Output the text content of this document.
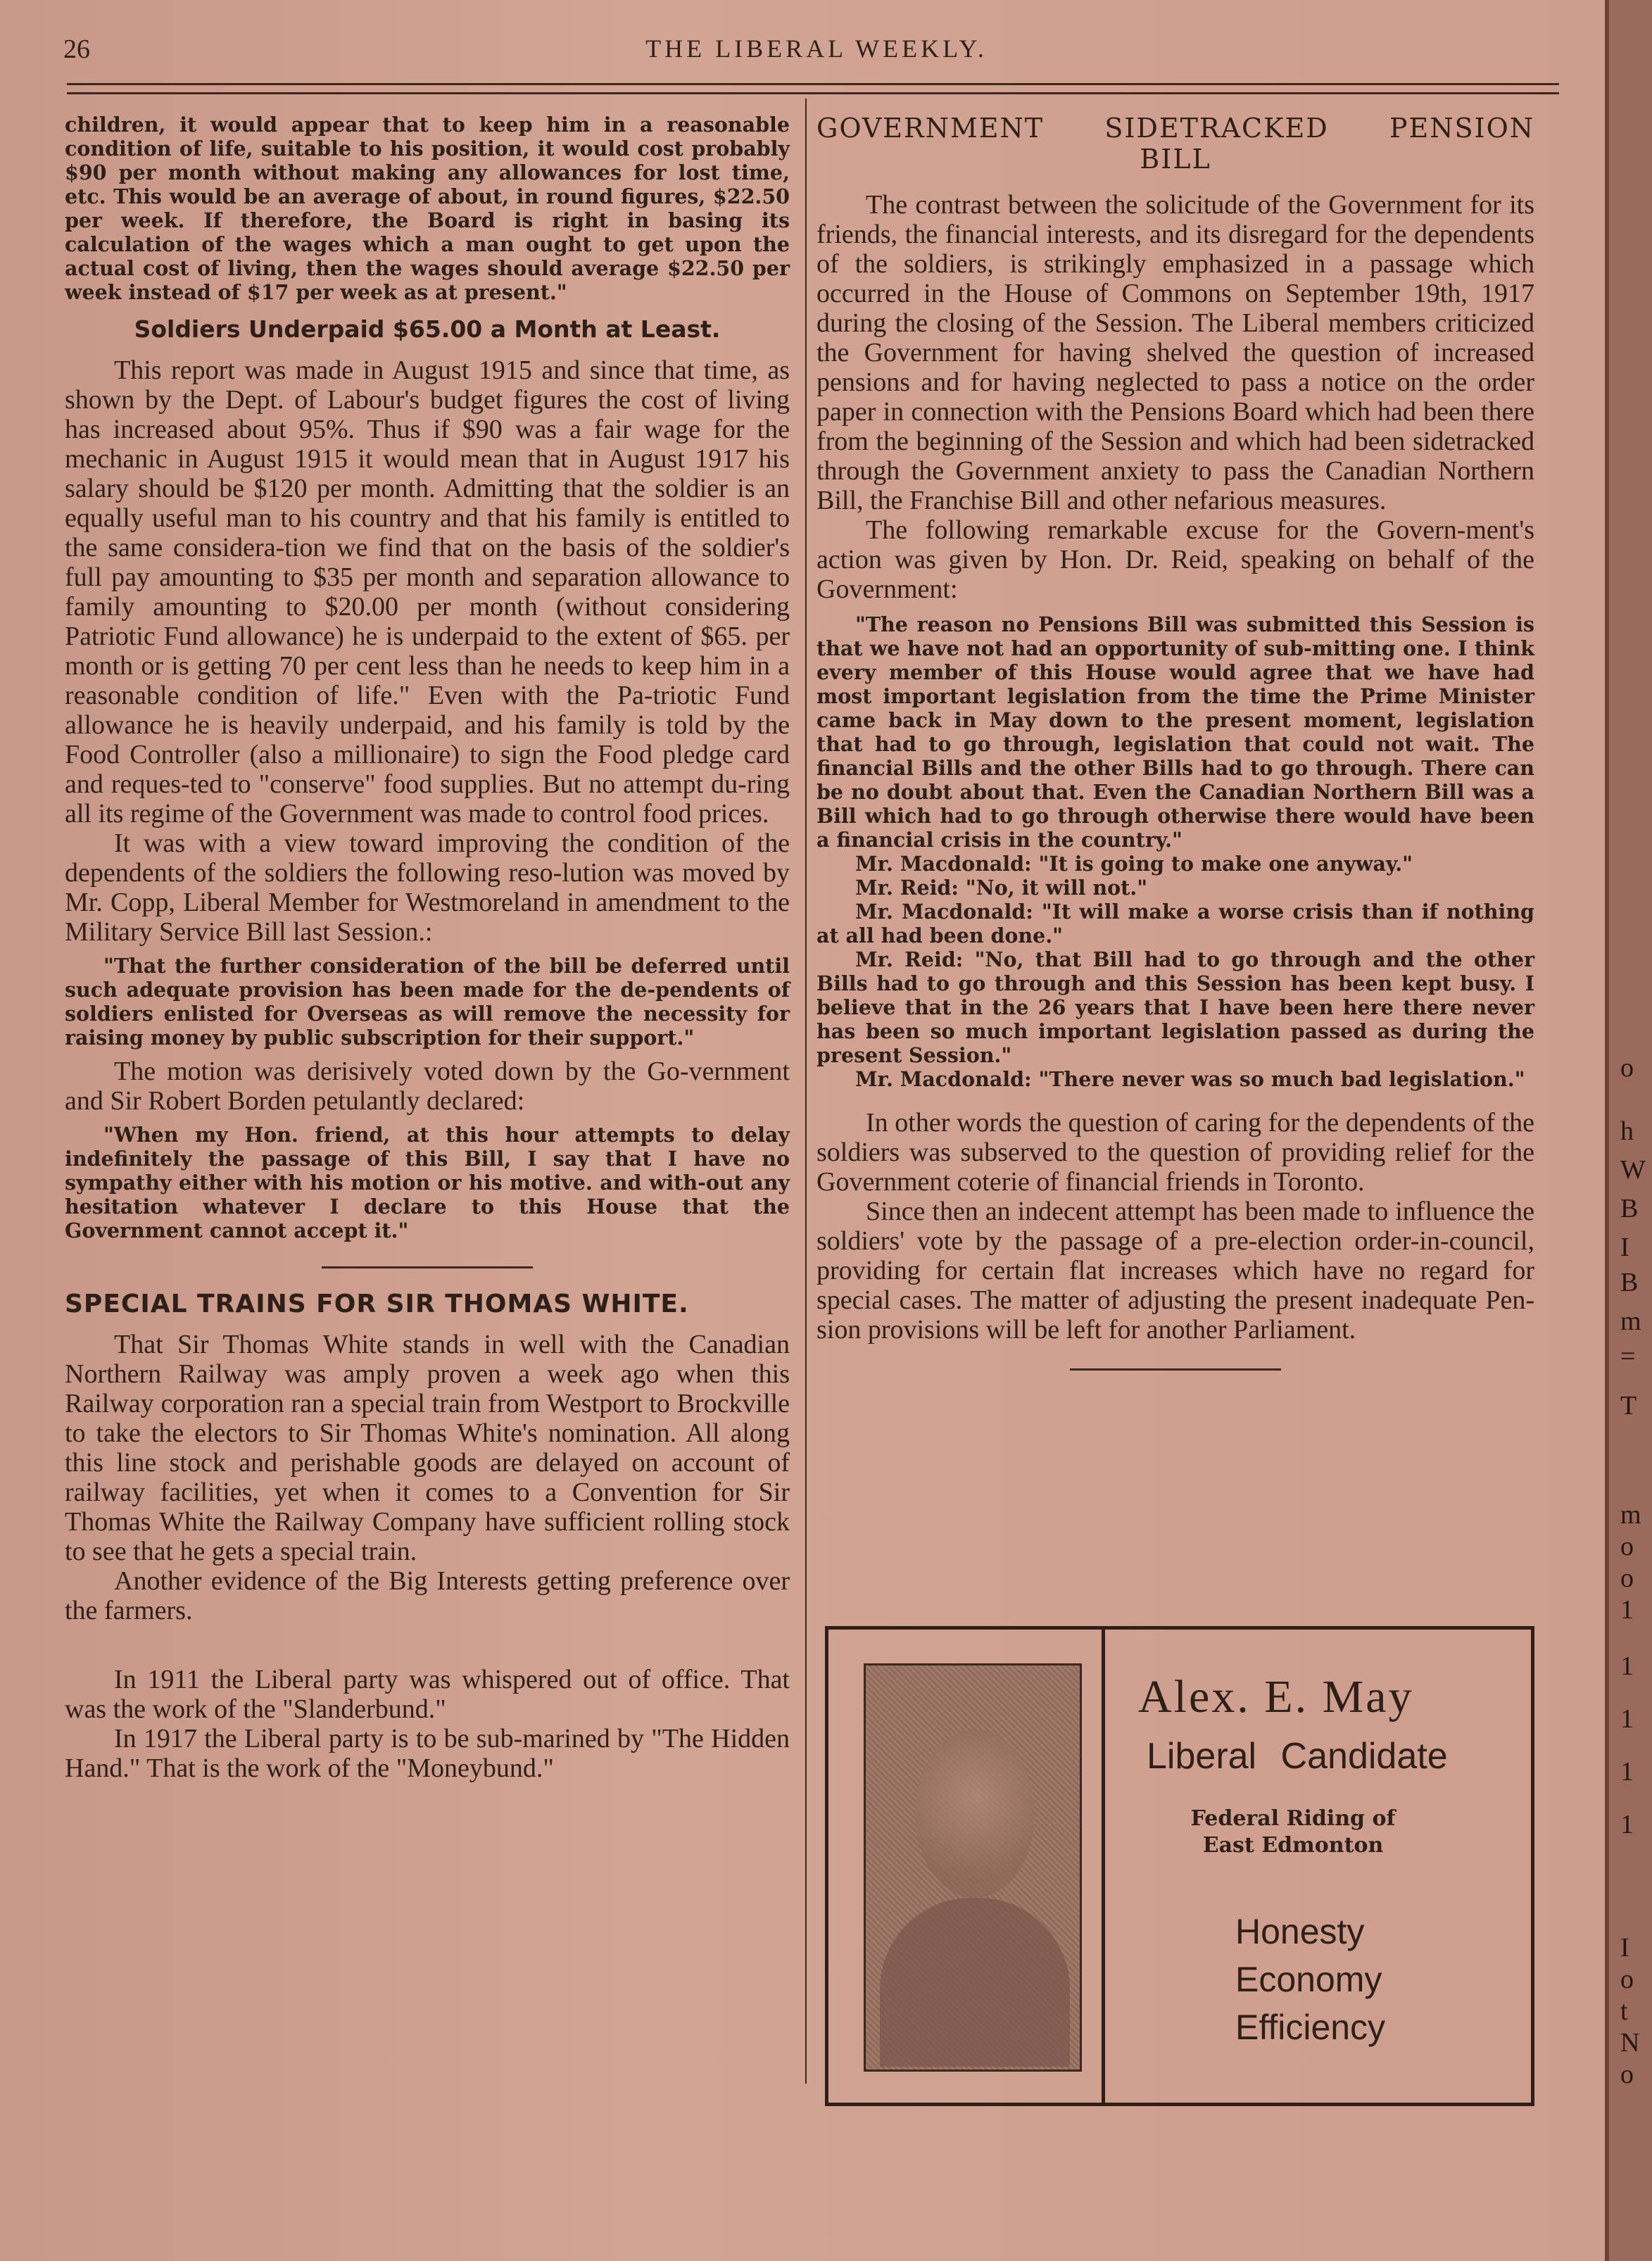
26	THE LIBERAL WEEKLY.

children, it would appear that to keep him in a reasonable condition of life, suitable to his position, it would cost probably $90 per month without making any allowances for lost time, etc. This would be an average of about, in round figures, $22.50 per week. If therefore, the Board is right in basing its calculation of the wages which a man ought to get upon the actual cost of living, then the wages should average $22.50 per week instead of $17 per week as at present."

Soldiers Underpaid $65.00 a Month at Least.

This report was made in August 1915 and since that time, as shown by the Dept. of Labour's budget figures the cost of living has increased about 95%. Thus if $90 was a fair wage for the mechanic in August 1915 it would mean that in August 1917 his salary should be $120 per month. Admitting that the soldier is an equally useful man to his country and that his family is entitled to the same considera-tion we find that on the basis of the soldier's full pay amounting to $35 per month and separation allowance to family amounting to $20.00 per month (without considering Patriotic Fund allowance) he is underpaid to the extent of $65. per month or is getting 70 per cent less than he needs to keep him in a reasonable condition of life." Even with the Pa-triotic Fund allowance he is heavily underpaid, and his family is told by the Food Controller (also a millionaire) to sign the Food pledge card and reques-ted to "conserve" food supplies. But no attempt du-ring all its regime of the Government was made to control food prices.

It was with a view toward improving the condition of the dependents of the soldiers the following reso-lution was moved by Mr. Copp, Liberal Member for Westmoreland in amendment to the Military Service Bill last Session.:

"That the further consideration of the bill be deferred until such adequate provision has been made for the de-pendents of soldiers enlisted for Overseas as will remove the necessity for raising money by public subscription for their support."

The motion was derisively voted down by the Go-vernment and Sir Robert Borden petulantly declared:

"When my Hon. friend, at this hour attempts to delay indefinitely the passage of this Bill, I say that I have no sympathy either with his motion or his motive. and with-out any hesitation whatever I declare to this House that the Government cannot accept it."

SPECIAL TRAINS FOR SIR THOMAS WHITE.

That Sir Thomas White stands in well with the Canadian Northern Railway was amply proven a week ago when this Railway corporation ran a special train from Westport to Brockville to take the electors to Sir Thomas White's nomination. All along this line stock and perishable goods are delayed on account of railway facilities, yet when it comes to a Convention for Sir Thomas White the Railway Company have sufficient rolling stock to see that he gets a special train.

Another evidence of the Big Interests getting preference over the farmers.

In 1911 the Liberal party was whispered out of office. That was the work of the "Slanderbund."

In 1917 the Liberal party is to be sub-marined by "The Hidden Hand." That is the work of the "Moneybund."

GOVERNMENT SIDETRACKED PENSION
BILL

The contrast between the solicitude of the Government for its friends, the financial interests, and its disregard for the dependents of the soldiers, is strikingly emphasized in a passage which occurred in the House of Commons on September 19th, 1917 during the closing of the Session. The Liberal members criticized the Government for having shelved the question of increased pensions and for having neglected to pass a notice on the order paper in connection with the Pensions Board which had been there from the beginning of the Session and which had been sidetracked through the Government anxiety to pass the Canadian Northern Bill, the Franchise Bill and other nefarious measures.

The following remarkable excuse for the Govern-ment's action was given by Hon. Dr. Reid, speaking on behalf of the Government:

"The reason no Pensions Bill was submitted this Session is that we have not had an opportunity of sub-mitting one. I think every member of this House would agree that we have had most important legislation from the time the Prime Minister came back in May down to the present moment, legislation that had to go through, legislation that could not wait. The financial Bills and the other Bills had to go through. There can be no doubt about that. Even the Canadian Northern Bill was a Bill which had to go through otherwise there would have been a financial crisis in the country."

Mr. Macdonald: "It is going to make one anyway."

Mr. Reid: "No, it will not."

Mr. Macdonald: "It will make a worse crisis than if nothing at all had been done."

Mr. Reid: "No, that Bill had to go through and the other Bills had to go through and this Session has been kept busy. I believe that in the 26 years that I have been here there never has been so much important legislation passed as during the present Session."

Mr. Macdonald: "There never was so much bad legislation."

In other words the question of caring for the dependents of the soldiers was subserved to the question of providing relief for the Government coterie of financial friends in Toronto.

Since then an indecent attempt has been made to influence the soldiers' vote by the passage of a pre-election order-in-council, providing for certain flat increases which have no regard for special cases. The matter of adjusting the present inadequate Pen-sion provisions will be left for another Parliament.

Alex. E. May
Liberal Candidate
Federal Riding of
East Edmonton
Honesty
Economy
Efficiency
o
h
W
B
I
B
m
=
T
m
o
o
1
1
1
1
1
I
o
t
N
o
